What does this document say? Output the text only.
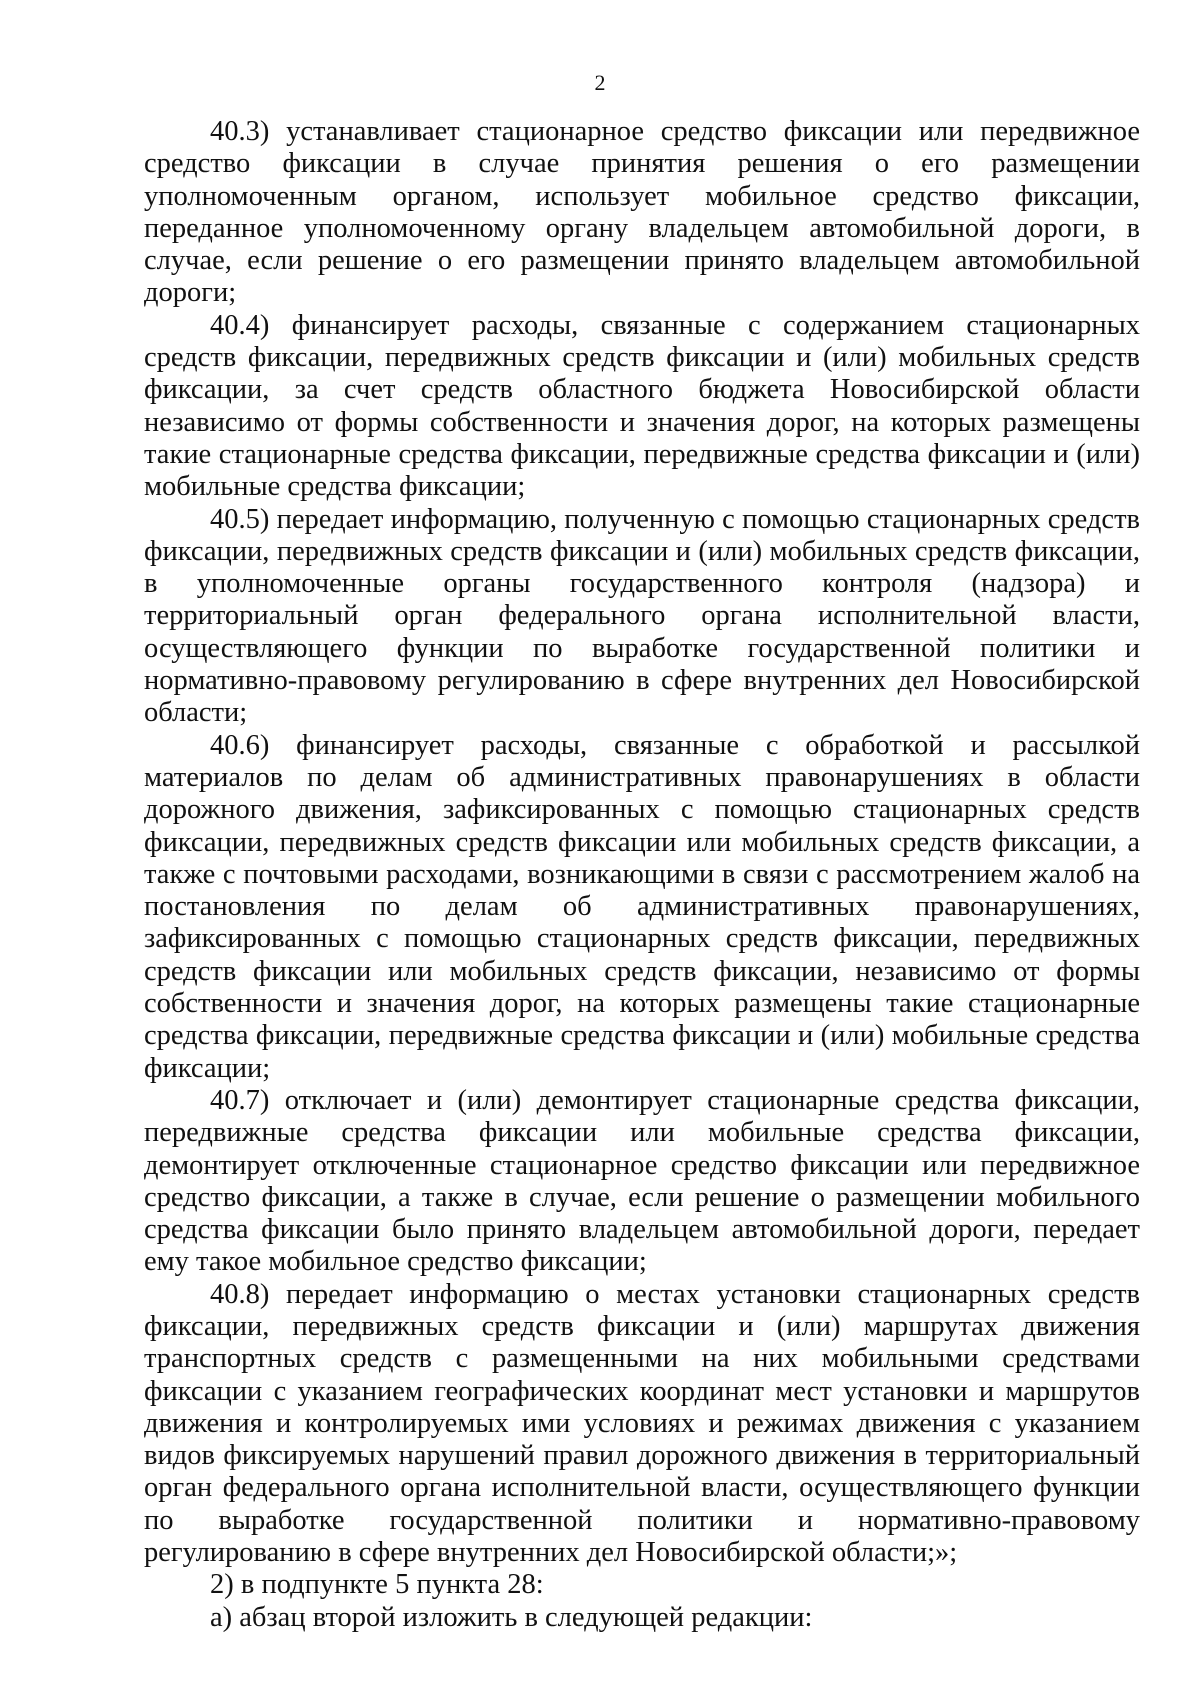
2

40.3) устанавливает стационарное средство фиксации или передвижное средство фиксации в случае принятия решения о его размещении уполномоченным органом, использует мобильное средство фиксации, переданное уполномоченному органу владельцем автомобильной дороги, в случае, если решение о его размещении принято владельцем автомобильной дороги;

40.4) финансирует расходы, связанные с содержанием стационарных средств фиксации, передвижных средств фиксации и (или) мобильных средств фиксации, за счет средств областного бюджета Новосибирской области независимо от формы собственности и значения дорог, на которых размещены такие стационарные средства фиксации, передвижные средства фиксации и (или) мобильные средства фиксации;

40.5) передает информацию, полученную с помощью стационарных средств фиксации, передвижных средств фиксации и (или) мобильных средств фиксации, в уполномоченные органы государственного контроля (надзора) и территориальный орган федерального органа исполнительной власти, осуществляющего функции по выработке государственной политики и нормативно-правовому регулированию в сфере внутренних дел Новосибирской области;

40.6) финансирует расходы, связанные с обработкой и рассылкой материалов по делам об административных правонарушениях в области дорожного движения, зафиксированных с помощью стационарных средств фиксации, передвижных средств фиксации или мобильных средств фиксации, а также с почтовыми расходами, возникающими в связи с рассмотрением жалоб на постановления по делам об административных правонарушениях, зафиксированных с помощью стационарных средств фиксации, передвижных средств фиксации или мобильных средств фиксации, независимо от формы собственности и значения дорог, на которых размещены такие стационарные средства фиксации, передвижные средства фиксации и (или) мобильные средства фиксации;

40.7) отключает и (или) демонтирует стационарные средства фиксации, передвижные средства фиксации или мобильные средства фиксации, демонтирует отключенные стационарное средство фиксации или передвижное средство фиксации, а также в случае, если решение о размещении мобильного средства фиксации было принято владельцем автомобильной дороги, передает ему такое мобильное средство фиксации;

40.8) передает информацию о местах установки стационарных средств фиксации, передвижных средств фиксации и (или) маршрутах движения транспортных средств с размещенными на них мобильными средствами фиксации с указанием географических координат мест установки и маршрутов движения и контролируемых ими условиях и режимах движения с указанием видов фиксируемых нарушений правил дорожного движения в территориальный орган федерального органа исполнительной власти, осуществляющего функции по выработке государственной политики и нормативно-правовому регулированию в сфере внутренних дел Новосибирской области;»;

2) в подпункте 5 пункта 28:

а) абзац второй изложить в следующей редакции:
